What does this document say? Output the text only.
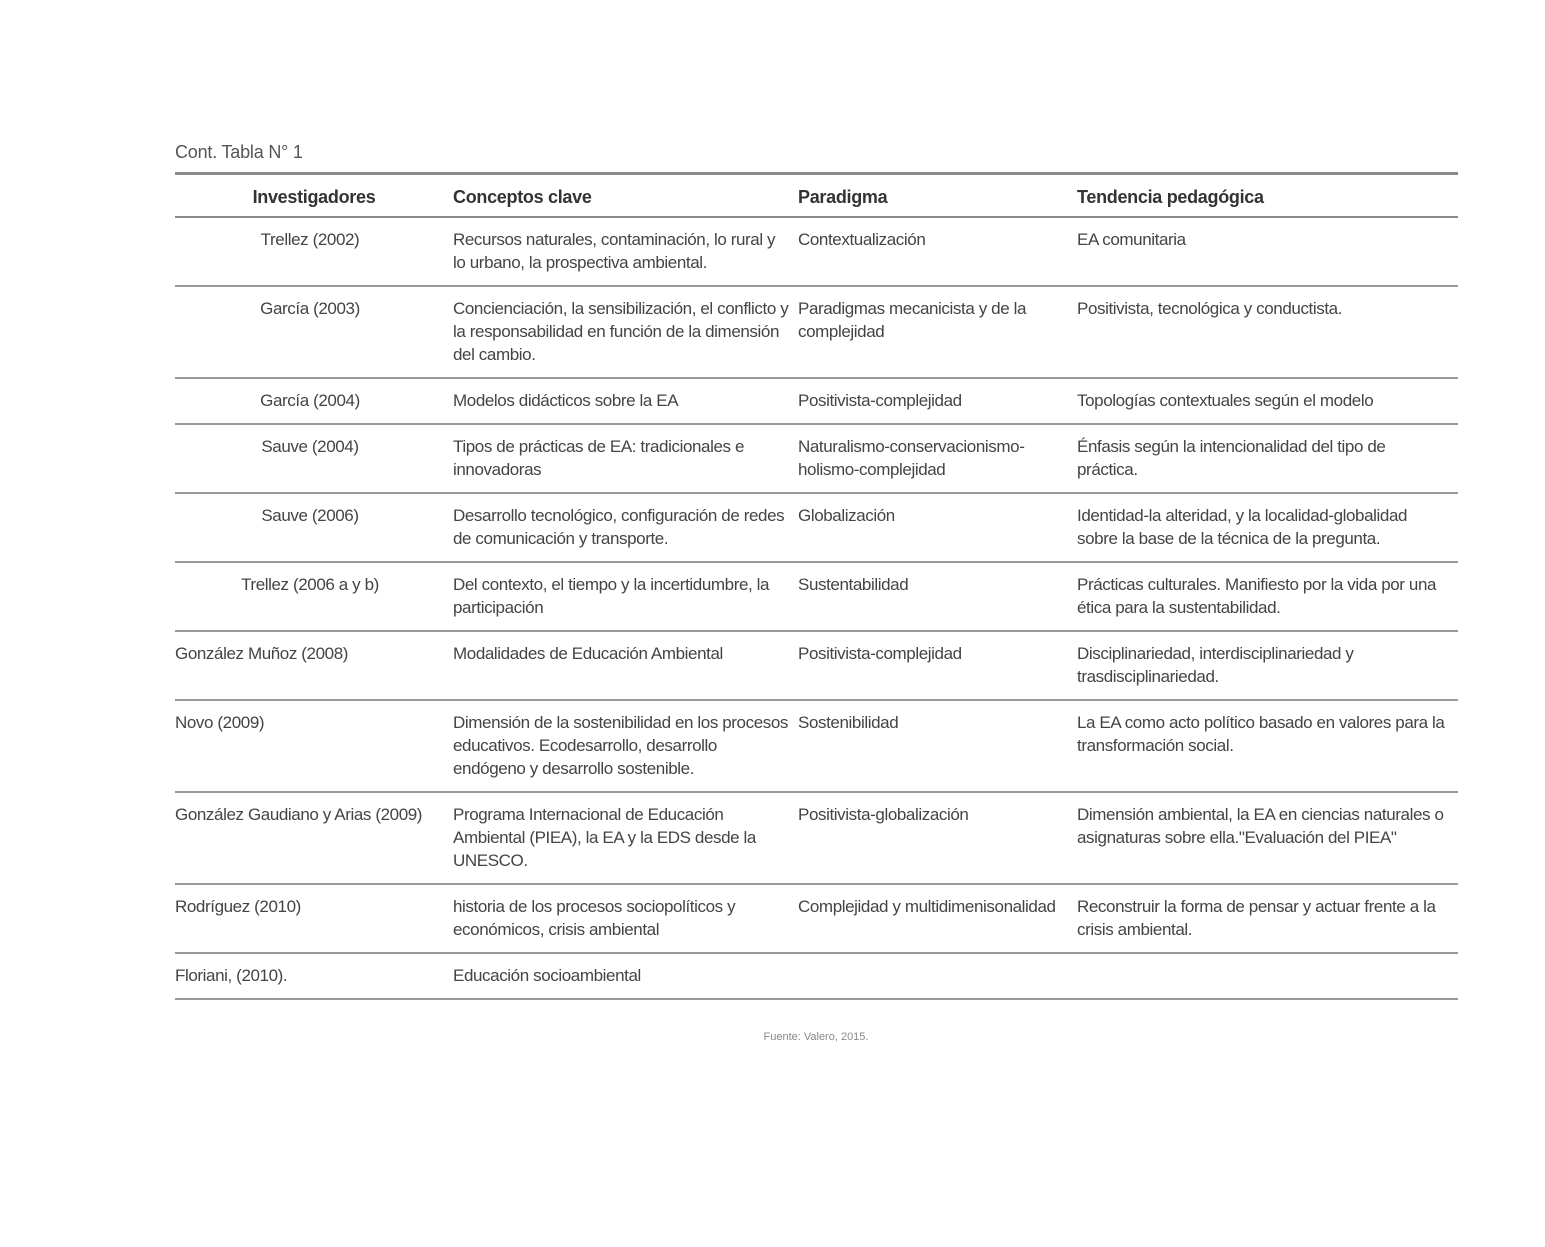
Cont. Tabla N° 1
Investigadores	Conceptos clave	Paradigma	Tendencia pedagógica
Trellez (2002)	Recursos naturales, contaminación, lo rural y lo urbano, la prospectiva ambiental.	Contextualización	EA comunitaria
García (2003)	Concienciación, la sensibilización, el conflicto y la responsabilidad en función de la dimensión del cambio.	Paradigmas mecanicista y de la complejidad	Positivista, tecnológica y conductista.
García (2004)	Modelos didácticos sobre la EA	Positivista-complejidad	Topologías contextuales según el modelo
Sauve (2004)	Tipos de prácticas de EA: tradicionales e innovadoras	Naturalismo-conservacionismo-holismo-complejidad	Énfasis según la intencionalidad del tipo de práctica.
Sauve (2006)	Desarrollo tecnológico, configuración de redes de comunicación y transporte.	Globalización	Identidad-la alteridad, y la localidad-globalidad sobre la base de la técnica de la pregunta.
Trellez (2006 a y b)	Del contexto, el tiempo y la incertidumbre, la participación	Sustentabilidad	Prácticas culturales. Manifiesto por la vida por una ética para la sustentabilidad.
González Muñoz (2008)	Modalidades de Educación Ambiental	Positivista-complejidad	Disciplinariedad, interdisciplinariedad y trasdisciplinariedad.
Novo (2009)	Dimensión de la sostenibilidad en los procesos educativos. Ecodesarrollo, desarrollo endógeno y desarrollo sostenible.	Sostenibilidad	La EA como acto político basado en valores para la transformación social.
González Gaudiano y Arias (2009)	Programa Internacional de Educación Ambiental (PIEA), la EA y la EDS desde la UNESCO.	Positivista-globalización	Dimensión ambiental, la EA en ciencias naturales o asignaturas sobre ella."Evaluación del PIEA"
Rodríguez (2010)	historia de los procesos sociopolíticos y económicos, crisis ambiental	Complejidad y multidimenisonalidad	Reconstruir la forma de pensar y actuar frente a la crisis ambiental.
Floriani, (2010).	Educación socioambiental		
Fuente: Valero, 2015.
